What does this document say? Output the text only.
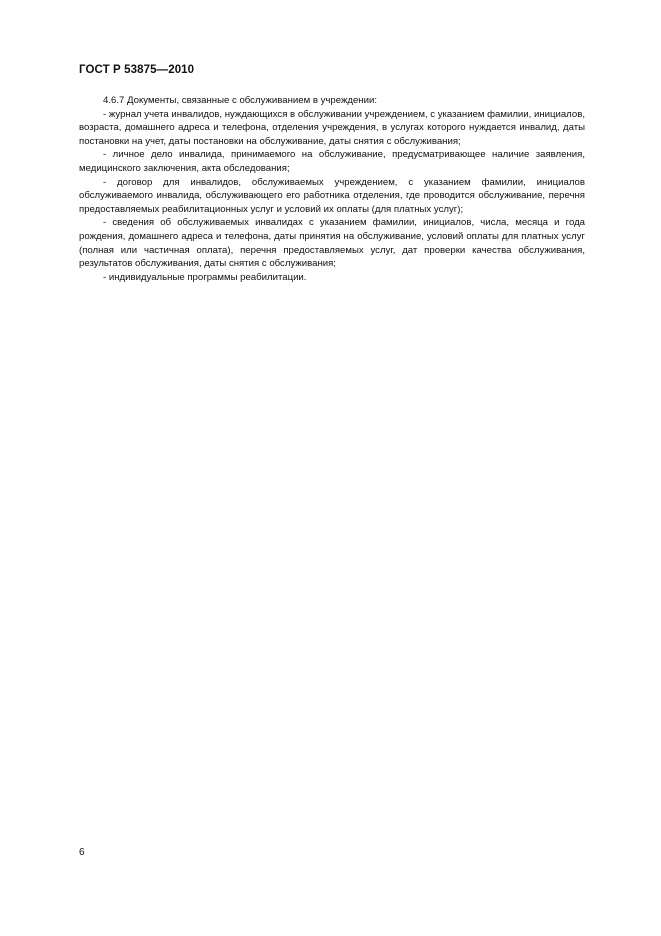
ГОСТ Р 53875—2010

4.6.7 Документы, связанные с обслуживанием в учреждении:

- журнал учета инвалидов, нуждающихся в обслуживании учреждением, с указанием фамилии, инициалов, возраста, домашнего адреса и телефона, отделения учреждения, в услугах которого нуждается инвалид, даты постановки на учет, даты постановки на обслуживание, даты снятия с обслуживания;

- личное дело инвалида, принимаемого на обслуживание, предусматривающее наличие заявления, медицинского заключения, акта обследования;

- договор для инвалидов, обслуживаемых учреждением, с указанием фамилии, инициалов обслуживаемого инвалида, обслуживающего его работника отделения, где проводится обслуживание, перечня предоставляемых реабилитационных услуг и условий их оплаты (для платных услуг);

- сведения об обслуживаемых инвалидах с указанием фамилии, инициалов, числа, месяца и года рождения, домашнего адреса и телефона, даты принятия на обслуживание, условий оплаты для платных услуг (полная или частичная оплата), перечня предоставляемых услуг, дат проверки качества обслуживания, результатов обслуживания, даты снятия с обслуживания;

- индивидуальные программы реабилитации.

6
